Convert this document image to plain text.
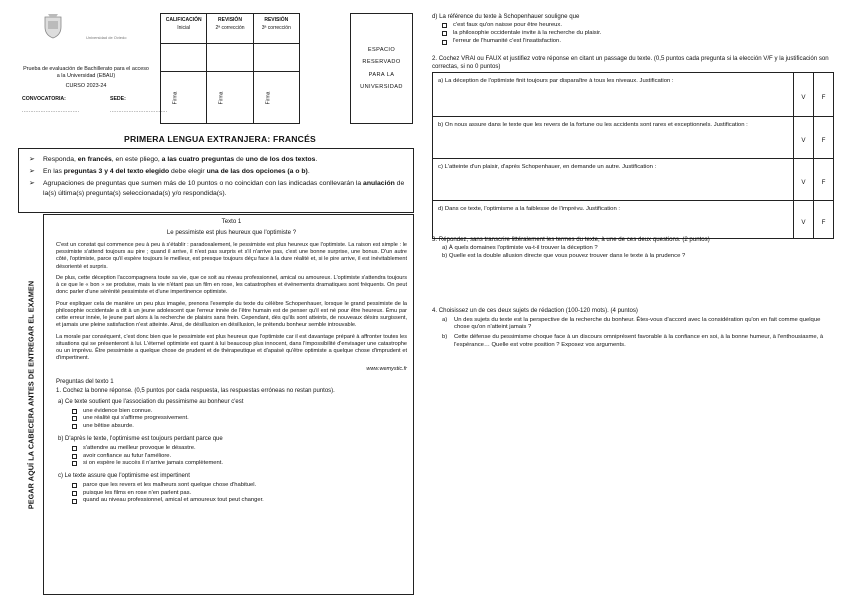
PEGAR AQUÍ LA CABECERA ANTES DE ENTREGAR EL EXAMEN
Universidad de Oviedo
Prueba de evaluación de Bachillerato para el acceso a la Universidad (EBAU)
CURSO 2023-24
CONVOCATORIA:	SEDE:
..................................	..................................
CALIFICACIÓN
Inicial
Firma
REVISIÓN
2ª corrección
Firma
REVISIÓN
3ª corrección
Firma
ESPACIO
RESERVADO
PARA LA
UNIVERSIDAD
PRIMERA LENGUA EXTRANJERA: FRANCÉS
➢	Responda, en francés, en este pliego, a las cuatro preguntas de uno de los dos textos.
➢	En las preguntas 3 y 4 del texto elegido debe elegir una de las dos opciones (a o b).
➢	Agrupaciones de preguntas que sumen más de 10 puntos o no coincidan con las indicadas conllevarán la anulación de la(s) última(s) pregunta(s) seleccionada(s) y/o respondida(s).
Texto 1
Le pessimiste est plus heureux que l'optimiste ?

C'est un constat qui commence peu à peu à s'établir : paradoxalement, le pessimiste est plus heureux que l'optimiste. La raison est simple : le pessimiste s'attend toujours au pire ; quand il arrive, il n'est pas surpris et s'il n'arrive pas, c'est une bonne surprise, une bonus. D'un autre côté, l'optimiste, parce qu'il espère toujours le meilleur, est presque toujours déçu face à la dure réalité et, si le pire arrive, il est inévitablement désorienté et surpris.

De plus, cette déception l'accompagnera toute sa vie, que ce soit au niveau professionnel, amical ou amoureux. L'optimiste s'attendra toujours à ce que le « bon » se produise, mais la vie n'étant pas un film en rose, les catastrophes et événements dramatiques sont fréquents. On peut donc parler d'une sérénité pessimiste et d'une impertinence optimiste.

Pour expliquer cela de manière un peu plus imagée, prenons l'exemple du texte du célèbre Schopenhauer, lorsque le grand pessimiste de la philosophie occidentale a dit à un jeune adolescent que l'erreur innée de l'être humain est de penser qu'il est né pour être heureux. Ému par cette erreur innée, le jeune part alors à la recherche de plaisirs sans frein. Cependant, dès qu'ils sont atteints, de nouveaux désirs surgissent, et jamais une pleine satisfaction n'est atteinte. Ainsi, de désillusion en désillusion, le prétendu bonheur semble introuvable.

La morale par conséquent, c'est donc bien que le pessimiste est plus heureux que l'optimiste car il est davantage préparé à affronter toutes les situations qui se présenteront à lui. L'éternel optimiste est quant à lui beaucoup plus innocent, dans l'impossibilité d'envisager une catastrophe ou un imprévu. Être pessimiste a quelque chose de prudent et de thérapeutique et d'apaisé qu'être optimiste a quelque chose d'imprudent et d'impertinent.

www.wemystic.fr
Preguntas del texto 1
1. Cochez la bonne réponse. (0,5 puntos por cada respuesta, las respuestas erróneas no restan puntos).
a) Ce texte soutient que l'association du pessimisme au bonheur c'est
une évidence bien connue.
une réalité qui s'affirme progressivement.
une bêtise absurde.
b) D'après le texte, l'optimisme est toujours perdant parce que
s'attendre au meilleur provoque le désastre.
avoir confiance au futur l'améliore.
si on espère le succès il n'arrive jamais complètement.
c) Le texte assure que l'optimisme est impertinent
parce que les revers et les malheurs sont quelque chose d'habituel.
puisque les films en rose n'en parlent pas.
quand au niveau professionnel, amical et amoureux tout peut changer.
d) La référence du texte à Schopenhauer souligne que
c'est faux qu'on naisse pour être heureux.
la philosophie occidentale invite à la recherche du plaisir.
l'erreur de l'humanité c'est l'insatisfaction.
2. Cochez VRAI ou FAUX et justifiez votre réponse en citant un passage du texte. (0,5 puntos cada pregunta si la elección V/F y la justificación son correctas, si no 0 puntos)
a) La déception de l'optimiste finit toujours par disparaître à tous les niveaux. Justification :
V	F
b) On nous assure dans le texte que les revers de la fortune ou les accidents sont rares et exceptionnels. Justification :
V	F
c) L'atteinte d'un plaisir, d'après Schopenhauer, en demande un autre. Justification :
V	F
d) Dans ce texte, l'optimisme a la faiblesse de l'imprévu. Justification :
V	F
3. Répondez, sans transcrire littéralement les termes du texte, à une de ces deux questions. (2 puntos)
a) À quels domaines l'optimiste va-t-il trouver la déception ?
b) Quelle est la double allusion directe que vous pouvez trouver dans le texte à la prudence ?
4. Choisissez un de ces deux sujets de rédaction (100-120 mots). (4 puntos)
a)	Un des sujets du texte est la perspective de la recherche du bonheur. Êtes-vous d'accord avec la considération qu'on en fait comme quelque chose qu'on n'atteint jamais ?
b)	Cette défense du pessimisme choque face à un discours omniprésent favorable à la confiance en soi, à la bonne humeur, à l'enthousiasme, à l'espérance… Quelle est votre position ? Exposez vos arguments.
